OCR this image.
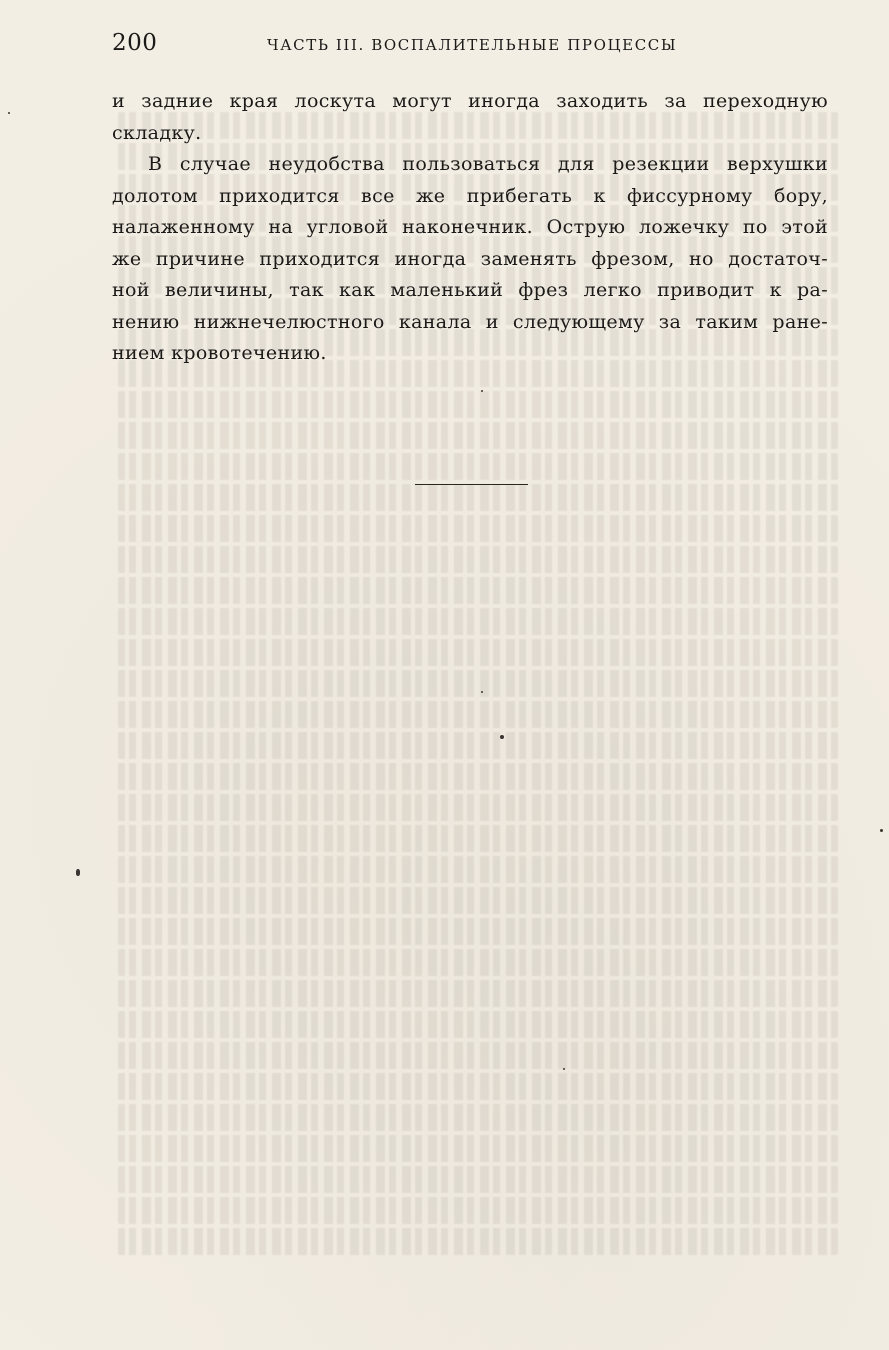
200	ЧАСТЬ III. ВОСПАЛИТЕЛЬНЫЕ ПРОЦЕССЫ
и задние края лоскута могут иногда заходить за переходную
складку.
В случае неудобства пользоваться для резекции верхушки
долотом приходится все же прибегать к фиссурному бору,
налаженному на угловой наконечник. Острую ложечку по этой
же причине приходится иногда заменять фрезом, но достаточ-
ной величины, так как маленький фрез легко приводит к ра-
нению нижнечелюстного канала и следующему за таким ране-
нием кровотечению.
